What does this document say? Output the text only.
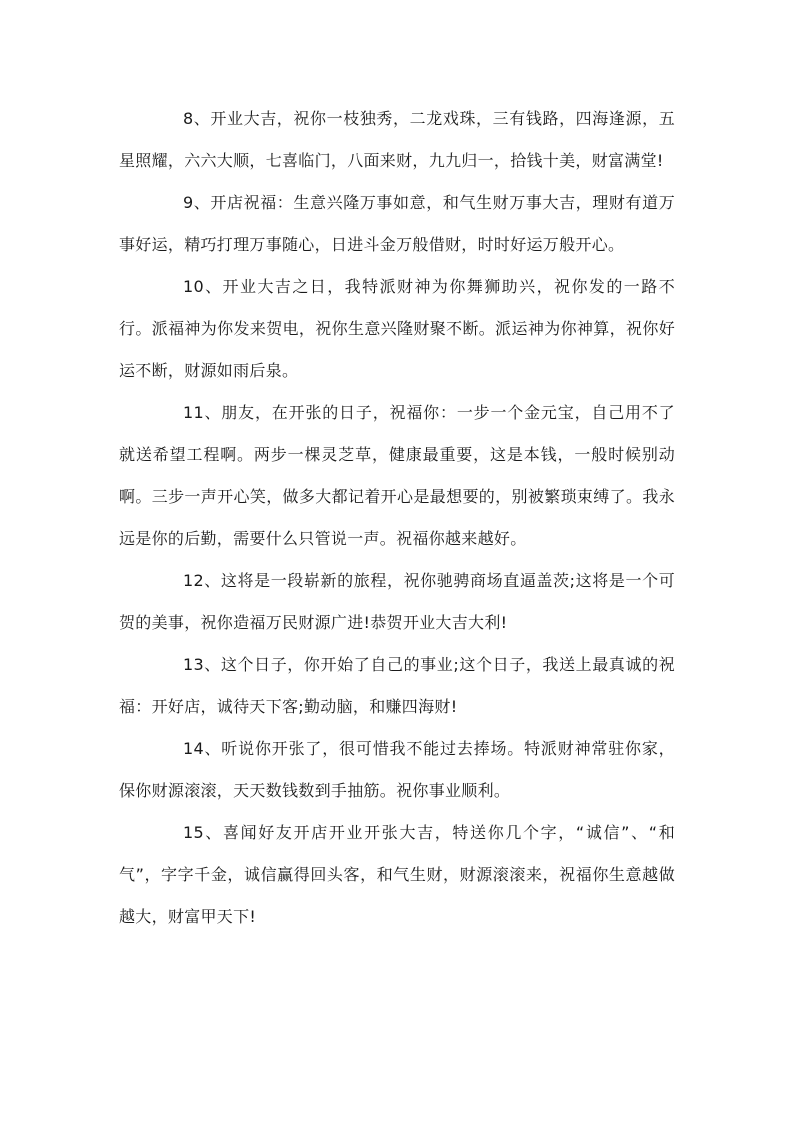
8、开业大吉，祝你一枝独秀，二龙戏珠，三有钱路，四海逢源，五星照耀，六六大顺，七喜临门，八面来财，九九归一，拾钱十美，财富满堂!

9、开店祝福：生意兴隆万事如意，和气生财万事大吉，理财有道万事好运，精巧打理万事随心，日进斗金万般借财，时时好运万般开心。

10、开业大吉之日，我特派财神为你舞狮助兴，祝你发的一路不行。派福神为你发来贺电，祝你生意兴隆财聚不断。派运神为你神算，祝你好运不断，财源如雨后泉。

11、朋友，在开张的日子，祝福你：一步一个金元宝，自己用不了就送希望工程啊。两步一棵灵芝草，健康最重要，这是本钱，一般时候别动啊。三步一声开心笑，做多大都记着开心是最想要的，别被繁琐束缚了。我永远是你的后勤，需要什么只管说一声。祝福你越来越好。

12、这将是一段崭新的旅程，祝你驰骋商场直逼盖茨;这将是一个可贺的美事，祝你造福万民财源广进!恭贺开业大吉大利!

13、这个日子，你开始了自己的事业;这个日子，我送上最真诚的祝福：开好店，诚待天下客;勤动脑，和赚四海财!

14、听说你开张了，很可惜我不能过去捧场。特派财神常驻你家，保你财源滚滚，天天数钱数到手抽筋。祝你事业顺利。

15、喜闻好友开店开业开张大吉，特送你几个字，“诚信”、“和气”，字字千金，诚信赢得回头客，和气生财，财源滚滚来，祝福你生意越做越大，财富甲天下!
